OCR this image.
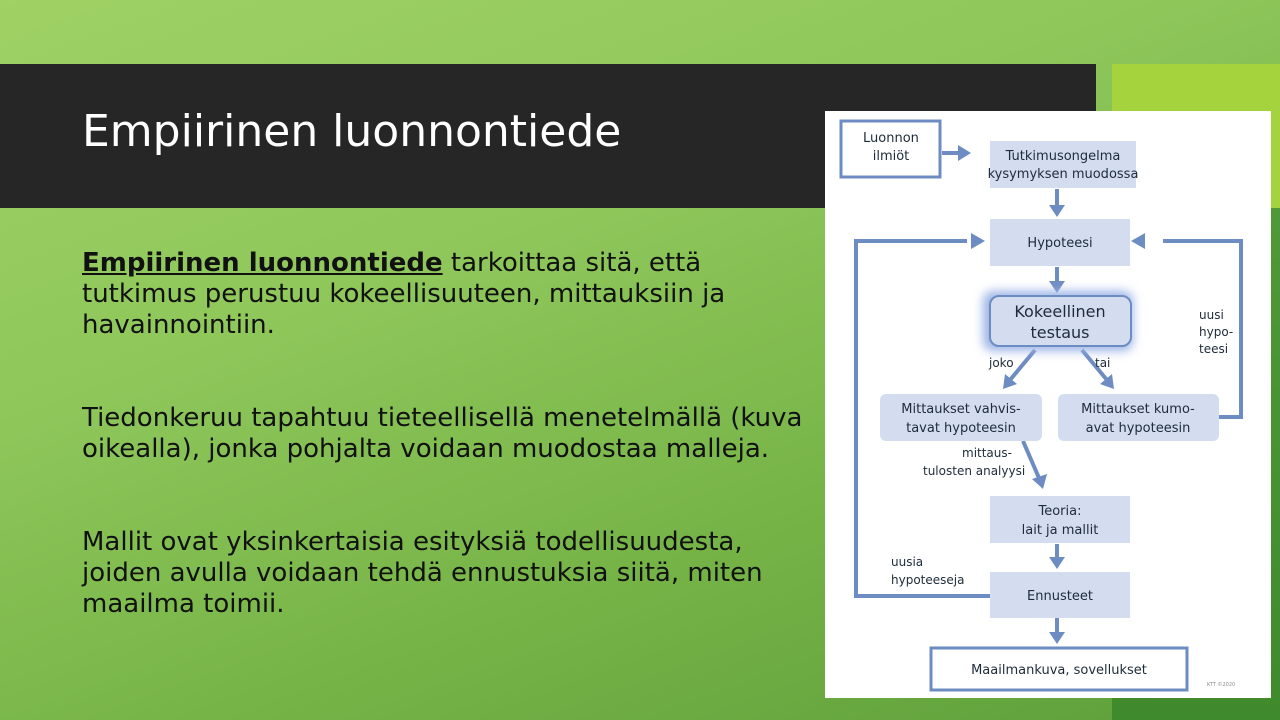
Empiirinen luonnontiede

Empiirinen luonnontiede tarkoittaa sitä, että tutkimus perustuu kokeellisuuteen, mittauksiin ja havainnointiin.

Tiedonkeruu tapahtuu tieteellisellä menetelmällä (kuva oikealla), jonka pohjalta voidaan muodostaa malleja.

Mallit ovat yksinkertaisia esityksiä todellisuudesta, joiden avulla voidaan tehdä ennustuksia siitä, miten maailma toimii.

Luonnon
ilmiöt	Tutkimusongelma
kysymyksen muodossa
Hypoteesi
Kokeellinen
testaus
Mittaukset vahvis-
tavat hypoteesin
Mittaukset kumo-
avat hypoteesin
Teoria:
lait ja mallit
Ennusteet
Maailmankuva, sovellukset
joko	tai
uusi
hypo-
teesi
mittaus-
tulosten analyysi
uusia
hypoteeseja
KTT ©2020
